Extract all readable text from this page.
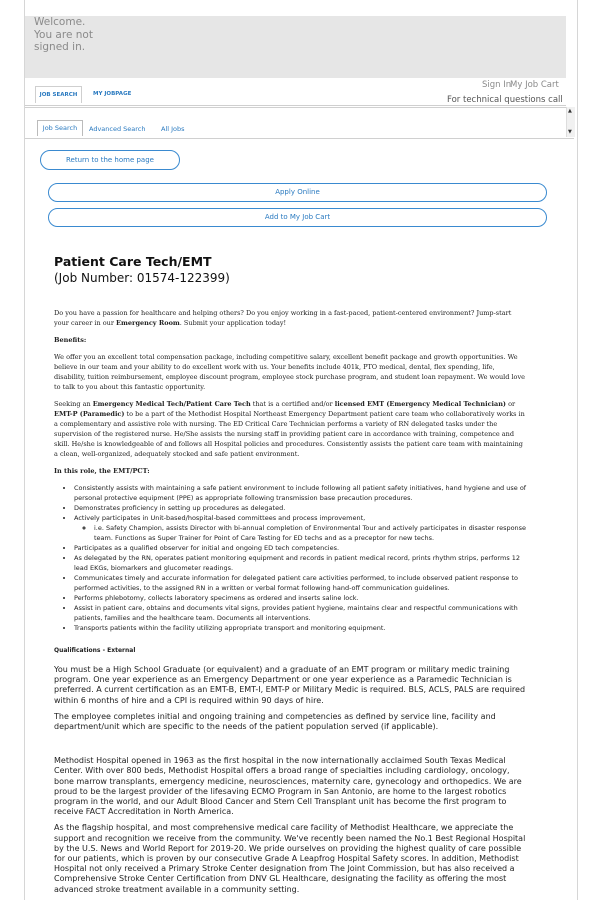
Welcome. You are not signed in.
JOB SEARCH	MY JOBPAGE
Sign In
My Job Cart
For technical questions call
Job Search	Advanced Search All Jobs
▲
▼
Return to the home page
Apply Online
Add to My Job Cart
Patient Care Tech/EMT
(Job Number: 01574-122399)

Do you have a passion for healthcare and helping others? Do you enjoy working in a fast-paced, patient-centered environment? Jump-start your career in our Emergency Room. Submit your application today!

Benefits:

We offer you an excellent total compensation package, including competitive salary, excellent benefit package and growth opportunities. We believe in our team and your ability to do excellent work with us. Your benefits include 401k, PTO medical, dental, flex spending, life, disability, tuition reimbursement, employee discount program, employee stock purchase program, and student loan repayment. We would love to talk to you about this fantastic opportunity.

Seeking an Emergency Medical Tech/Patient Care Tech that is a certified and/or licensed EMT (Emergency Medical Technician) or EMT-P (Paramedic) to be a part of the Methodist Hospital Northeast Emergency Department patient care team who collaboratively works in a complementary and assistive role with nursing. The ED Critical Care Technician performs a variety of RN delegated tasks under the supervision of the registered nurse. He/She assists the nursing staff in providing patient care in accordance with training, competence and skill. He/she is knowledgeable of and follows all Hospital policies and procedures. Consistently assists the patient care team with maintaining a clean, well-organized, adequately stocked and safe patient environment.

In this role, the EMT/PCT:

• Consistently assists with maintaining a safe patient environment to include following all patient safety initiatives, hand hygiene and use of personal protective equipment (PPE) as appropriate following transmission base precaution procedures.
• Demonstrates proficiency in setting up procedures as delegated.
• Actively participates in Unit-based/hospital-based committees and process improvement,
◦ i.e. Safety Champion, assists Director with bi-annual completion of Environmental Tour and actively participates in disaster response team. Functions as Super Trainer for Point of Care Testing for ED techs and as a preceptor for new techs.
• Participates as a qualified observer for initial and ongoing ED tech competencies.
• As delegated by the RN, operates patient monitoring equipment and records in patient medical record, prints rhythm strips, performs 12 lead EKGs, biomarkers and glucometer readings.
• Communicates timely and accurate information for delegated patient care activities performed, to include observed patient response to performed activities, to the assigned RN in a written or verbal format following hand-off communication guidelines.
• Performs phlebotomy, collects laboratory specimens as ordered and inserts saline lock.
• Assist in patient care, obtains and documents vital signs, provides patient hygiene, maintains clear and respectful communications with patients, families and the healthcare team. Documents all interventions.
• Transports patients within the facility utilizing appropriate transport and monitoring equipment.
Qualifications - External

You must be a High School Graduate (or equivalent) and a graduate of an EMT program or military medic training program. One year experience as an Emergency Department or one year experience as a Paramedic Technician is preferred. A current certification as an EMT-B, EMT-I, EMT-P or Military Medic is required. BLS, ACLS, PALS are required within 6 months of hire and a CPI is required within 90 days of hire.

The employee completes initial and ongoing training and competencies as defined by service line, facility and department/unit which are specific to the needs of the patient population served (if applicable).

Methodist Hospital opened in 1963 as the first hospital in the now internationally acclaimed South Texas Medical Center. With over 800 beds, Methodist Hospital offers a broad range of specialties including cardiology, oncology, bone marrow transplants, emergency medicine, neurosciences, maternity care, gynecology and orthopedics. We are proud to be the largest provider of the lifesaving ECMO Program in San Antonio, are home to the largest robotics program in the world, and our Adult Blood Cancer and Stem Cell Transplant unit has become the first program to receive FACT Accreditation in North America.

As the flagship hospital, and most comprehensive medical care facility of Methodist Healthcare, we appreciate the support and recognition we receive from the community. We've recently been named the No.1 Best Regional Hospital by the U.S. News and World Report for 2019-20. We pride ourselves on providing the highest quality of care possible for our patients, which is proven by our consecutive Grade A Leapfrog Hospital Safety scores. In addition, Methodist Hospital not only received a Primary Stroke Center designation from The Joint Commission, but has also received a Comprehensive Stroke Center Certification from DNV GL Healthcare, designating the facility as offering the most advanced stroke treatment available in a community setting.
